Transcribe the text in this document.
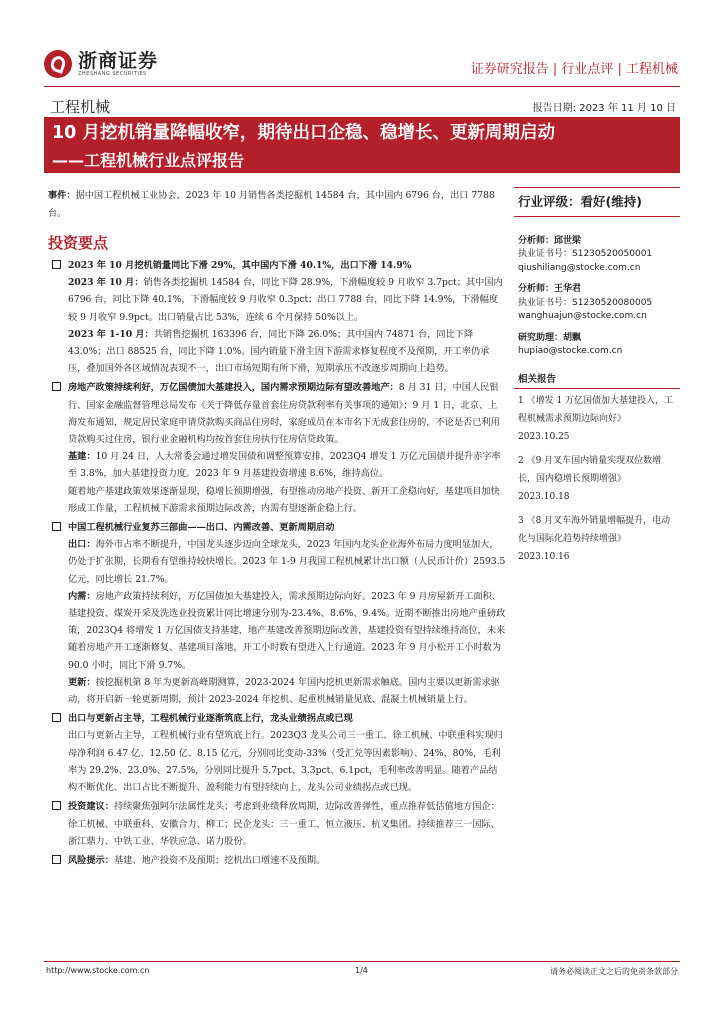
浙商证券
ZHESHANG SECURITIES	证券研究报告 | 行业点评 | 工程机械
工程机械	报告日期: 2023 年 11 月 10 日
10 月挖机销量降幅收窄，期待出口企稳、稳增长、更新周期启动
——工程机械行业点评报告
事件：据中国工程机械工业协会，2023 年 10 月销售各类挖掘机 14584 台，其中国内 6796 台，出口 7788 台。
投资要点
2023 年 10 月挖机销量同比下滑 29%，其中国内下滑 40.1%，出口下滑 14.9%
2023 年 10 月：销售各类挖掘机 14584 台，同比下降 28.9%，下滑幅度较 9 月收窄 3.7pct；其中国内 6796 台，同比下降 40.1%，下滑幅度较 9 月收窄 0.3pct；出口 7788 台，同比下降 14.9%，下滑幅度较 9 月收窄 9.9pct。出口销量占比 53%，连续 6 个月保持 50%以上。
2023 年 1-10 月：共销售挖掘机 163396 台，同比下降 26.0%；其中国内 74871 台，同比下降 43.0%；出口 88525 台，同比下降 1.0%。国内销量下滑主因下游需求修复程度不及预期，开工率仍承压，叠加国外各区域情况表现不一，出口市场短期有所下滑，短期承压不改逐步周期向上趋势。
房地产政策持续利好，万亿国债加大基建投入，国内需求预期边际有望改善地产：8 月 31 日，中国人民银行、国家金融监督管理总局发布《关于降低存量首套住房贷款利率有关事项的通知》；9 月 1 日，北京、上海发布通知，规定居民家庭申请贷款购买商品住房时，家庭成员在本市名下无成套住房的，不论是否已利用贷款购买过住房，银行业金融机构均按首套住房执行住房信贷政策。
基建：10 月 24 日，人大常委会通过增发国债和调整预算安排，2023Q4 增发 1 万亿元国债并提升赤字率至 3.8%，加大基建投资力度。2023 年 9 月基建投资增速 8.6%，维持高位。
随着地产基建政策效果逐渐显现，稳增长预期增强，有望推动房地产投资、新开工企稳向好，基建项目加快形成工作量，工程机械下游需求预期边际改善，内需有望逐渐企稳上行。
中国工程机械行业复苏三部曲——出口、内需改善、更新周期启动
出口：海外市占率不断提升，中国龙头逐步迈向全球龙头，2023 年国内龙头企业海外布局力度明显加大，仍处于扩张期，长期看有望维持较快增长。2023 年 1-9 月我国工程机械累计出口额（人民币计价）2593.5 亿元，同比增长 21.7%。
内需：房地产政策持续利好，万亿国债加大基建投入，需求预期边际向好。2023 年 9 月房屋新开工面积、基建投资、煤炭开采及洗选业投资累计同比增速分别为-23.4%、8.6%、9.4%。近期不断推出房地产重磅政策，2023Q4 将增发 1 万亿国债支持基建，地产基建改善预期边际改善，基建投资有望持续维持高位，未来随着房地产开工逐渐修复、基建项目落地，开工小时数有望进入上行通道。2023 年 9 月小松开工小时数为 90.0 小时，同比下滑 9.7%。
更新：按挖掘机第 8 年为更新高峰期测算，2023-2024 年国内挖机更新需求触底。国内主要以更新需求驱动，将开启新一轮更新周期，预计 2023-2024 年挖机、起重机械销量见底、混凝土机械销量上行。
出口与更新占主导，工程机械行业逐渐筑底上行，龙头业绩拐点或已现
出口与更新占主导，工程机械行业有望筑底上行。2023Q3 龙头公司三一重工、徐工机械、中联重科实现归母净利润 6.47 亿、12.50 亿、8.15 亿元，分别同比变动-33%（受汇兑等因素影响）、24%、80%，毛利率为 29.2%、23.0%、27.5%，分别同比提升 5.7pct、3.3pct、6.1pct，毛利率改善明显。随着产品结构不断优化、出口占比不断提升、盈利能力有望持续向上，龙头公司业绩拐点或已现。
投资建议：持续聚焦强阿尔法属性龙头；考虑到业绩释放周期，边际改善弹性，重点推荐低估值地方国企：徐工机械、中联重科、安徽合力、柳工；民企龙头：三一重工、恒立液压、杭叉集团。持续推荐三一国际、浙江鼎力、中铁工业、华铁应急、诺力股份。
风险提示：基建、地产投资不及预期；挖机出口增速不及预期。
行业评级：看好(维持)
分析师：邱世梁
执业证书号：S1230520050001
qiushiliang@stocke.com.cn
分析师：王华君
执业证书号：S1230520080005
wanghuajun@stocke.com.cn
研究助理：胡飘
hupiao@stocke.com.cn
相关报告
1 《增发 1 万亿国债加大基建投入，工程机械需求预期边际向好》 2023.10.25
2 《9 月叉车国内销量实现双位数增长，国内稳增长预期增强》 2023.10.18
3 《8 月叉车海外销量增幅提升，电动化与国际化趋势持续增强》 2023.10.16
http://www.stocke.com.cn	1/4	请务必阅读正文之后的免责条款部分
